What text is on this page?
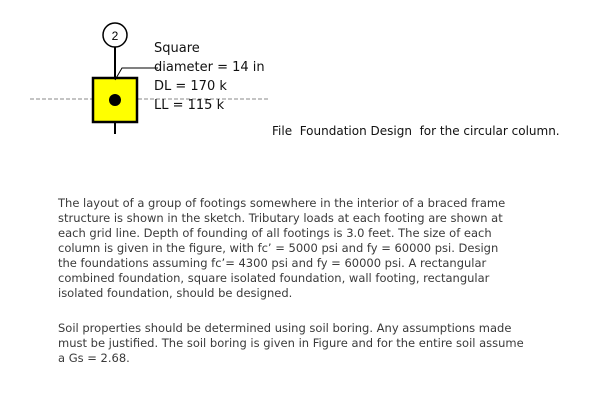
2
Square
diameter = 14 in
DL = 170 k
LL = 115 k
File  Foundation Design  for the circular column.
The layout of a group of footings somewhere in the interior of a braced frame
structure is shown in the sketch. Tributary loads at each footing are shown at
each grid line. Depth of founding of all footings is 3.0 feet. The size of each
column is given in the figure, with fc’ = 5000 psi and fy = 60000 psi. Design
the foundations assuming fc’= 4300 psi and fy = 60000 psi. A rectangular
combined foundation, square isolated foundation, wall footing, rectangular
isolated foundation, should be designed.
Soil properties should be determined using soil boring. Any assumptions made
must be justified. The soil boring is given in Figure and for the entire soil assume
a Gs = 2.68.
